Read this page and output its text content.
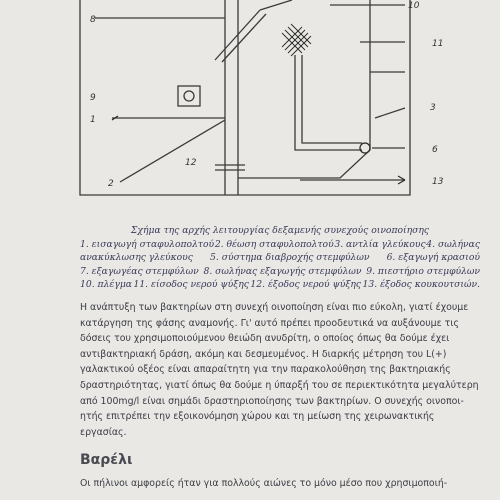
8
10
11
9
1
3
6
12
2	13
Σχήμα της αρχής λειτουργίας δεξαμενής συνεχούς οινοποίησης
1. εισαγωγή σταφυλοπολτού 2. θέωση σταφυλοπολτού 3. αντλία γλεύκους 4. σωλήνας
ανακύκλωσης γλεύκους 5. σύστημα διαβροχής στεμφύλων 6. εξαγωγή κρασιού
7. εξαγωγέας στεμφύλων 8. σωλήνας εξαγωγής στεμφύλων 9. πιεστήριο στεμφύλων
10. πλέγμα 11. είσοδος νερού ψύξης 12. έξοδος νερού ψύξης 13. έξοδος κουκουτσιών.
Η ανάπτυξη των βακτηρίων στη συνεχή οινοποίηση είναι πιο εύκολη, γιατί έχουμε
κατάργηση της φάσης αναμονής. Γι' αυτό πρέπει προοδευτικά να αυξάνουμε τις
δόσεις του χρησιμοποιούμενου θειώδη ανυδρίτη, ο οποίος όπως θα δούμε έχει
αντιβακτηριακή δράση, ακόμη και δεσμευμένος. Η διαρκής μέτρηση του L(+)
γαλακτικού οξέος είναι απαραίτητη για την παρακολούθηση της βακτηριακής
δραστηριότητας, γιατί όπως θα δούμε η ύπαρξή του σε περιεκτικότητα μεγαλύτερη
από 100mg/l είναι σημάδι δραστηριοποίησης των βακτηρίων. Ο συνεχής οινοποι-
ητής επιτρέπει την εξοικονόμηση χώρου και τη μείωση της χειρωνακτικής
εργασίας.
Βαρέλι
Οι πήλινοι αμφορείς ήταν για πολλούς αιώνες το μόνο μέσο που χρησιμοποιή-
